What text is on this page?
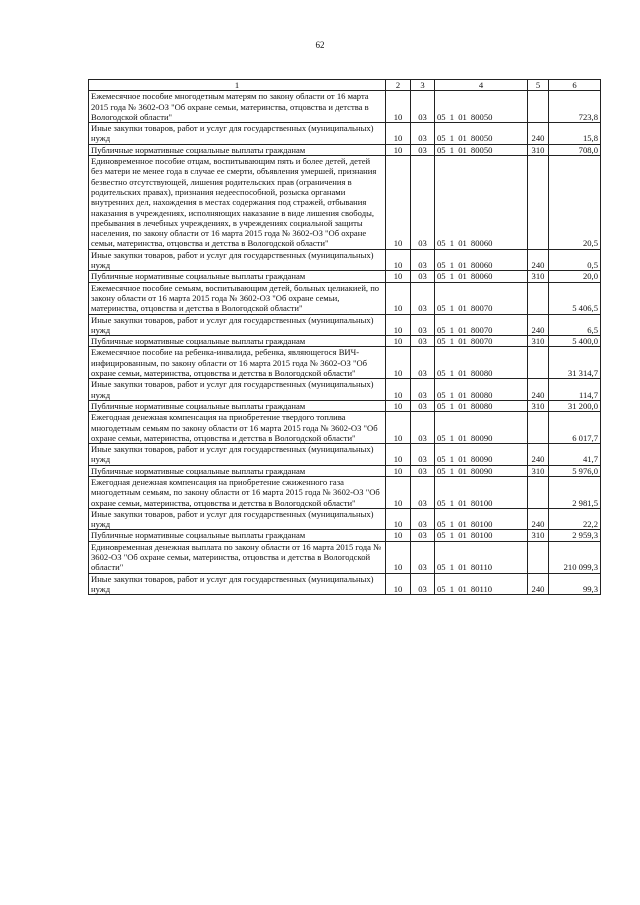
62
1	2	3	4	5	6
Ежемесячное пособие многодетным матерям по закону области от 16 марта 2015 года № 3602-ОЗ "Об охране семьи, материнства, отцовства и детства в Вологодской области"	10	03	05 1 01 80050		723,8
Иные закупки товаров, работ и услуг для государственных (муниципальных) нужд	10	03	05 1 01 80050	240	15,8
Публичные нормативные социальные выплаты гражданам	10	03	05 1 01 80050	310	708,0
Единовременное пособие отцам, воспитывающим пять и более детей, детей без матери не менее года в случае ее смерти, объявления умершей, признания безвестно отсутствующей, лишения родительских прав (ограничения в родительских правах), признания недееспособной, розыска органами внутренних дел, нахождения в местах содержания под стражей, отбывания наказания в учреждениях, исполняющих наказание в виде лишения свободы, пребывания в лечебных учреждениях, в учреждениях социальной защиты населения, по закону области от 16 марта 2015 года № 3602-ОЗ "Об охране семьи, материнства, отцовства и детства в Вологодской области"	10	03	05 1 01 80060		20,5
Иные закупки товаров, работ и услуг для государственных (муниципальных) нужд	10	03	05 1 01 80060	240	0,5
Публичные нормативные социальные выплаты гражданам	10	03	05 1 01 80060	310	20,0
Ежемесячное пособие семьям, воспитывающим детей, больных целиакией, по закону области от 16 марта 2015 года № 3602-ОЗ "Об охране семьи, материнства, отцовства и детства в Вологодской области"	10	03	05 1 01 80070		5 406,5
Иные закупки товаров, работ и услуг для государственных (муниципальных) нужд	10	03	05 1 01 80070	240	6,5
Публичные нормативные социальные выплаты гражданам	10	03	05 1 01 80070	310	5 400,0
Ежемесячное пособие на ребенка-инвалида, ребенка, являющегося ВИЧ-инфицированным, по закону области от 16 марта 2015 года № 3602-ОЗ "Об охране семьи, материнства, отцовства и детства в Вологодской области"	10	03	05 1 01 80080		31 314,7
Иные закупки товаров, работ и услуг для государственных (муниципальных) нужд	10	03	05 1 01 80080	240	114,7
Публичные нормативные социальные выплаты гражданам	10	03	05 1 01 80080	310	31 200,0
Ежегодная денежная компенсация на приобретение твердого топлива многодетным семьям по закону области от 16 марта 2015 года № 3602-ОЗ "Об охране семьи, материнства, отцовства и детства в Вологодской области"	10	03	05 1 01 80090		6 017,7
Иные закупки товаров, работ и услуг для государственных (муниципальных) нужд	10	03	05 1 01 80090	240	41,7
Публичные нормативные социальные выплаты гражданам	10	03	05 1 01 80090	310	5 976,0
Ежегодная денежная компенсация на приобретение сжиженного газа многодетным семьям, по закону области от 16 марта 2015 года № 3602-ОЗ "Об охране семьи, материнства, отцовства и детства в Вологодской области"	10	03	05 1 01 80100		2 981,5
Иные закупки товаров, работ и услуг для государственных (муниципальных) нужд	10	03	05 1 01 80100	240	22,2
Публичные нормативные социальные выплаты гражданам	10	03	05 1 01 80100	310	2 959,3
Единовременная денежная выплата по закону области от 16 марта 2015 года № 3602-ОЗ "Об охране семьи, материнства, отцовства и детства в Вологодской области"	10	03	05 1 01 80110		210 099,3
Иные закупки товаров, работ и услуг для государственных (муниципальных) нужд	10	03	05 1 01 80110	240	99,3
